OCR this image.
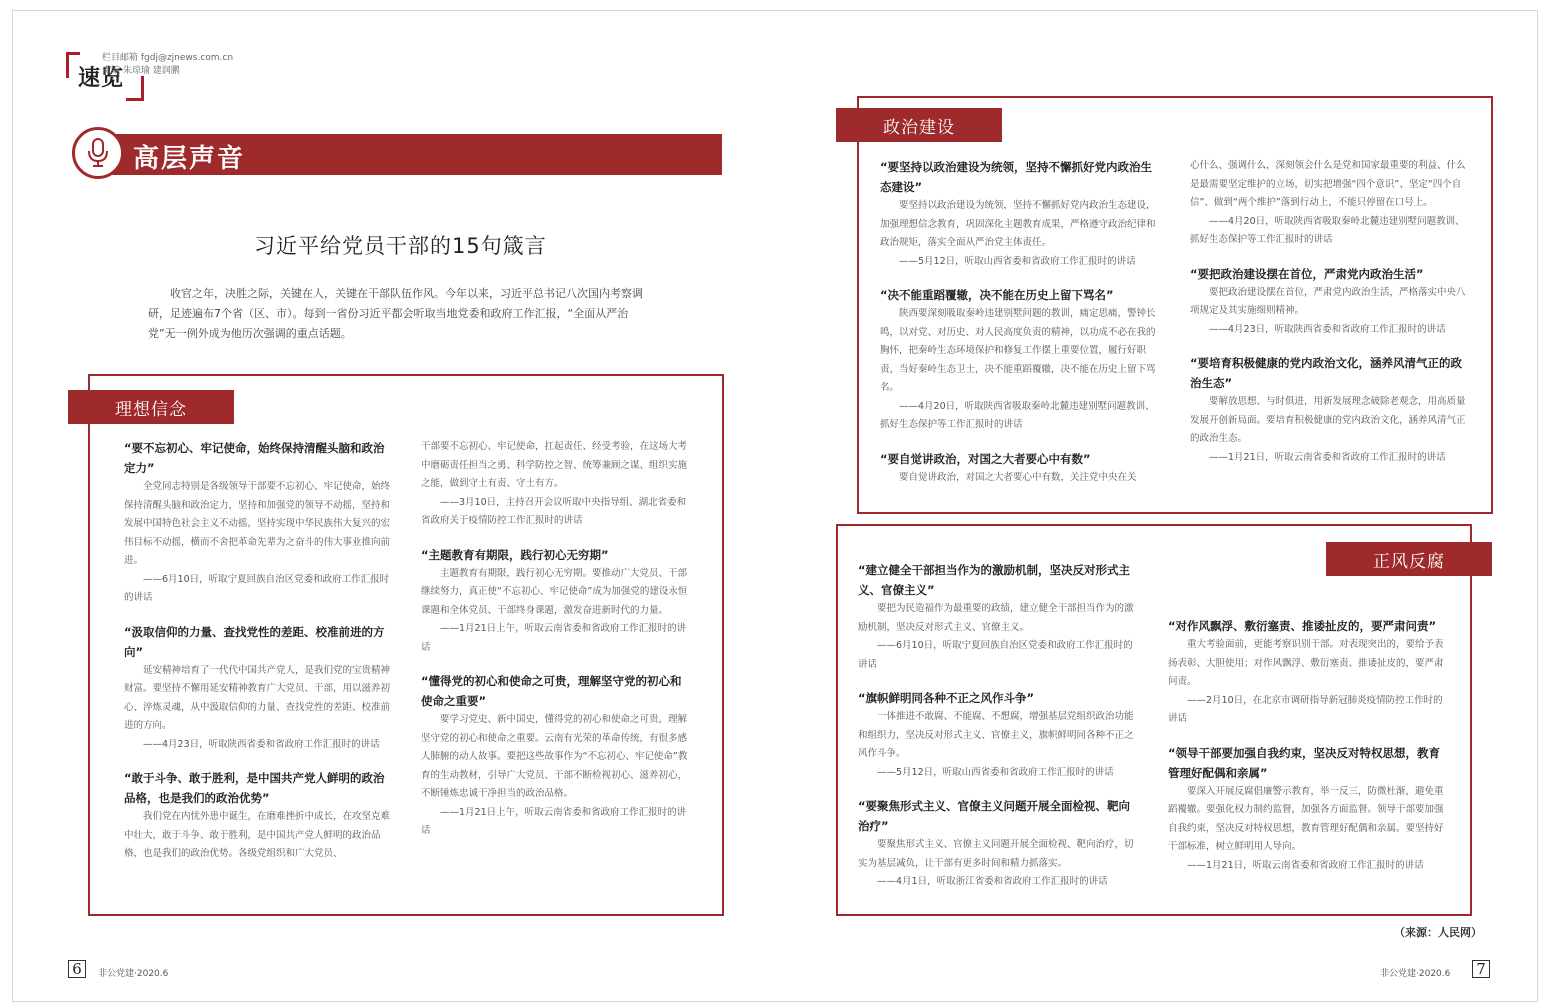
速览
栏目邮箱 fgdj@zjnews.com.cn
责编 朱琼瑜 建润鹏
高层声音
习近平给党员干部的15句箴言
收官之年，决胜之际，关键在人，关键在干部队伍作风。今年以来，习近平总书记八次国内考察调研，足迹遍布7个省（区、市）。每到一省份习近平都会听取当地党委和政府工作汇报，“全面从严治党”无一例外成为他历次强调的重点话题。
理想信念

“要不忘初心、牢记使命，始终保持清醒头脑和政治定力”

全党同志特别是各级领导干部要不忘初心、牢记使命，始终保持清醒头脑和政治定力，坚持和加强党的领导不动摇，坚持和发展中国特色社会主义不动摇，坚持实现中华民族伟大复兴的宏伟目标不动摇，横而不舍把革命先辈为之奋斗的伟大事业推向前进。

——6月10日，听取宁夏回族自治区党委和政府工作汇报时的讲话

“汲取信仰的力量、查找党性的差距、校准前进的方向”

延安精神培育了一代代中国共产党人，是我们党的宝贵精神财富。要坚持不懈用延安精神教育广大党员、干部，用以滋养初心、淬炼灵魂，从中汲取信仰的力量、查找党性的差距、校准前进的方向。

——4月23日，听取陕西省委和省政府工作汇报时的讲话

“敢于斗争、敢于胜利，是中国共产党人鲜明的政治品格，也是我们的政治优势”

我们党在内忧外患中诞生，在磨难挫折中成长，在攻坚克难中壮大，敢于斗争、敢于胜利，是中国共产党人鲜明的政治品格，也是我们的政治优势。各级党组织和广大党员、

干部要不忘初心、牢记使命，扛起责任、经受考验，在这场大考中磨砺责任担当之勇、科学防控之智、统筹兼顾之谋、组织实施之能，做到守土有责、守土有方。

——3月10日，主持召开会议听取中央指导组、湖北省委和省政府关于疫情防控工作汇报时的讲话

“主题教育有期限，践行初心无穷期”

主题教育有期限，践行初心无穷期。要推动广大党员、干部继续努力，真正使“不忘初心、牢记使命”成为加强党的建设永恒课题和全体党员、干部终身课题，激发奋进新时代的力量。

——1月21日上午，听取云南省委和省政府工作汇报时的讲话

“懂得党的初心和使命之可贵，理解坚守党的初心和使命之重要”

要学习党史、新中国史，懂得党的初心和使命之可贵，理解坚守党的初心和使命之重要。云南有光荣的革命传统，有很多感人肺腑的动人故事。要把这些故事作为“不忘初心、牢记使命”教育的生动教材，引导广大党员、干部不断检视初心、滋养初心，不断锤炼忠诚干净担当的政治品格。

——1月21日上午，听取云南省委和省政府工作汇报时的讲话

政治建设

“要坚持以政治建设为统领，坚持不懈抓好党内政治生态建设”

要坚持以政治建设为统领，坚持不懈抓好党内政治生态建设，加强理想信念教育，巩固深化主题教育成果，严格遵守政治纪律和政治规矩，落实全面从严治党主体责任。

——5月12日，听取山西省委和省政府工作汇报时的讲话

“决不能重蹈覆辙，决不能在历史上留下骂名”

陕西要深刻吸取秦岭违建别墅问题的教训，痛定思痛，警钟长鸣，以对党、对历史、对人民高度负责的精神，以功成不必在我的胸怀，把秦岭生态环境保护和修复工作摆上重要位置，履行好职责，当好秦岭生态卫士，决不能重蹈覆辙，决不能在历史上留下骂名。

——4月20日，听取陕西省吸取秦岭北麓违建别墅问题教训、抓好生态保护等工作汇报时的讲话

“要自觉讲政治，对国之大者要心中有数”

要自觉讲政治，对国之大者要心中有数，关注党中央在关

心什么、强调什么，深刻领会什么是党和国家最重要的利益、什么是最需要坚定维护的立场，切实把增强“四个意识”、坚定“四个自信”、做到“两个维护”落到行动上，不能只停留在口号上。

——4月20日，听取陕西省吸取秦岭北麓违建别墅问题教训、抓好生态保护等工作汇报时的讲话

“要把政治建设摆在首位，严肃党内政治生活”

要把政治建设摆在首位，严肃党内政治生活，严格落实中央八项规定及其实施细则精神。

——4月23日，听取陕西省委和省政府工作汇报时的讲话

“要培育积极健康的党内政治文化，涵养风清气正的政治生态”

要解放思想、与时俱进，用新发展理念破除老观念，用高质量发展开创新局面。要培育积极健康的党内政治文化，涵养风清气正的政治生态。

——1月21日，听取云南省委和省政府工作汇报时的讲话

正风反腐

“建立健全干部担当作为的激励机制，坚决反对形式主义、官僚主义”

要把为民造福作为最重要的政绩，建立健全干部担当作为的激励机制，坚决反对形式主义、官僚主义。

——6月10日，听取宁夏回族自治区党委和政府工作汇报时的讲话

“旗帜鲜明同各种不正之风作斗争”

一体推进不敢腐、不能腐、不想腐，增强基层党组织政治功能和组织力，坚决反对形式主义、官僚主义，旗帜鲜明同各种不正之风作斗争。

——5月12日，听取山西省委和省政府工作汇报时的讲话

“要聚焦形式主义、官僚主义问题开展全面检视、靶向治疗”

要聚焦形式主义、官僚主义问题开展全面检视、靶向治疗，切实为基层减负，让干部有更多时间和精力抓落实。

——4月1日，听取浙江省委和省政府工作汇报时的讲话

“对作风飘浮、敷衍塞责、推诿扯皮的，要严肃问责”

重大考验面前，更能考察识别干部。对表现突出的，要给予表扬表彰、大胆使用；对作风飘浮、敷衍塞责、推诿扯皮的，要严肃问责。

——2月10日，在北京市调研指导新冠肺炎疫情防控工作时的讲话

“领导干部要加强自我约束，坚决反对特权思想，教育管理好配偶和亲属”

要深入开展反腐倡廉警示教育，举一反三，防微杜渐，避免重蹈覆辙。要强化权力制约监督，加强各方面监督。领导干部要加强自我约束，坚决反对特权思想，教育管理好配偶和亲属。要坚持好干部标准，树立鲜明用人导向。

——1月21日，听取云南省委和省政府工作汇报时的讲话

（来源：人民网）
6	非公党建·2020.6	非公党建·2020.6 7
